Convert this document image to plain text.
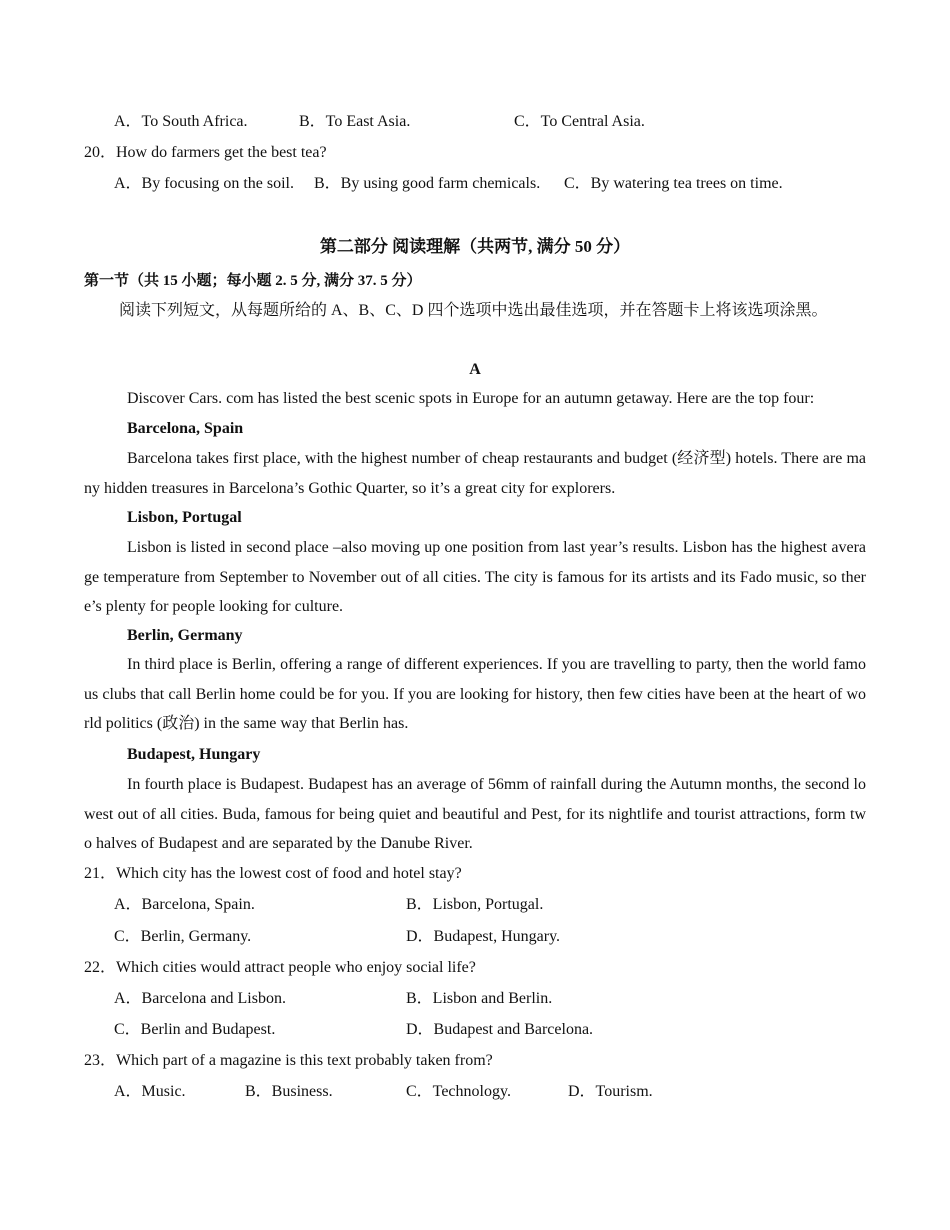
A．To South Africa.	B．To East Asia.	C．To Central Asia.
20．How do farmers get the best tea?
A．By focusing on the soil. B．By using good farm chemicals. C．By watering tea trees on time.
第二部分 阅读理解（共两节, 满分 50 分）
第一节（共 15 小题；每小题 2. 5 分, 满分 37. 5 分）
阅读下列短文，从每题所给的 A、B、C、D 四个选项中选出最佳选项，并在答题卡上将该选项涂黑。
A
Discover Cars. com has listed the best scenic spots in Europe for an autumn getaway. Here are the top four:
Barcelona, Spain
Barcelona takes first place, with the highest number of cheap restaurants and budget (经济型) hotels. There are many hidden treasures in Barcelona’s Gothic Quarter, so it’s a great city for explorers.
Lisbon, Portugal
Lisbon is listed in second place –also moving up one position from last year’s results. Lisbon has the highest average temperature from September to November out of all cities. The city is famous for its artists and its Fado music, so there’s plenty for people looking for culture.
Berlin, Germany
In third place is Berlin, offering a range of different experiences. If you are travelling to party, then the world famous clubs that call Berlin home could be for you. If you are looking for history, then few cities have been at the heart of world politics (政治) in the same way that Berlin has.
Budapest, Hungary
In fourth place is Budapest. Budapest has an average of 56mm of rainfall during the Autumn months, the second lowest out of all cities. Buda, famous for being quiet and beautiful and Pest, for its nightlife and tourist attractions, form two halves of Budapest and are separated by the Danube River.
21．Which city has the lowest cost of food and hotel stay?
A．Barcelona, Spain.	B．Lisbon, Portugal.
C．Berlin, Germany.	D．Budapest, Hungary.
22．Which cities would attract people who enjoy social life?
A．Barcelona and Lisbon.	B．Lisbon and Berlin.
C．Berlin and Budapest.	D．Budapest and Barcelona.
23．Which part of a magazine is this text probably taken from?
A．Music.	B．Business.	C．Technology.	D．Tourism.
